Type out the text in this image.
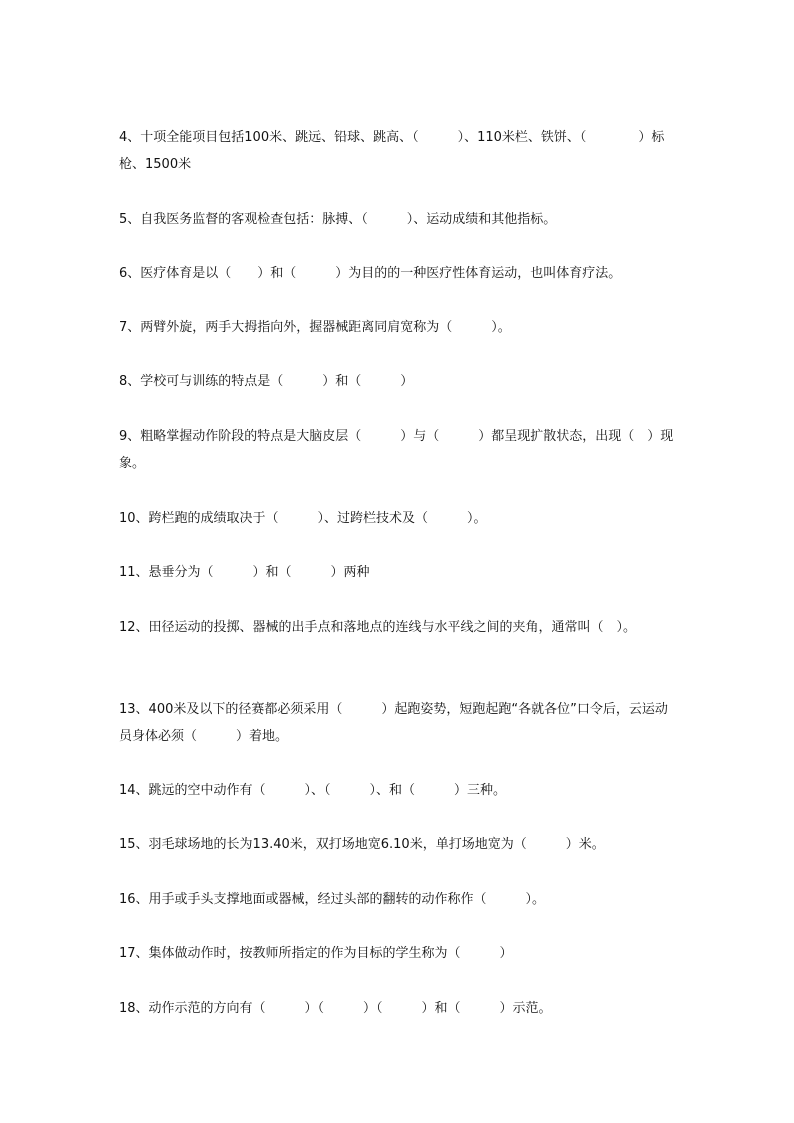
4、十项全能项目包括100米、跳远、铅球、跳高、（　　　）、110米栏、铁饼、（　　　　）标枪、1500米

5、自我医务监督的客观检查包括：脉搏、（　　　）、运动成绩和其他指标。

6、医疗体育是以（　　）和（　　　）为目的的一种医疗性体育运动，也叫体育疗法。

7、两臂外旋，两手大拇指向外，握器械距离同肩宽称为（　　　）。

8、学校可与训练的特点是（　　　）和（　　　）

9、粗略掌握动作阶段的特点是大脑皮层（　　　）与（　　　）都呈现扩散状态，出现（　）现象。

10、跨栏跑的成绩取决于（　　　）、过跨栏技术及（　　　）。

11、悬垂分为（　　　）和（　　　）两种

12、田径运动的投掷、器械的出手点和落地点的连线与水平线之间的夹角，通常叫（　）。

13、400米及以下的径赛都必须采用（　　　）起跑姿势，短跑起跑“各就各位”口令后，云运动员身体必须（　　　）着地。

14、跳远的空中动作有（　　　）、（　　　）、和（　　　）三种。

15、羽毛球场地的长为13.40米，双打场地宽6.10米，单打场地宽为（　　　）米。

16、用手或手头支撑地面或器械，经过头部的翻转的动作称作（　　　）。

17、集体做动作时，按教师所指定的作为目标的学生称为（　　　）

18、动作示范的方向有（　　　）（　　　）（　　　）和（　　　）示范。
